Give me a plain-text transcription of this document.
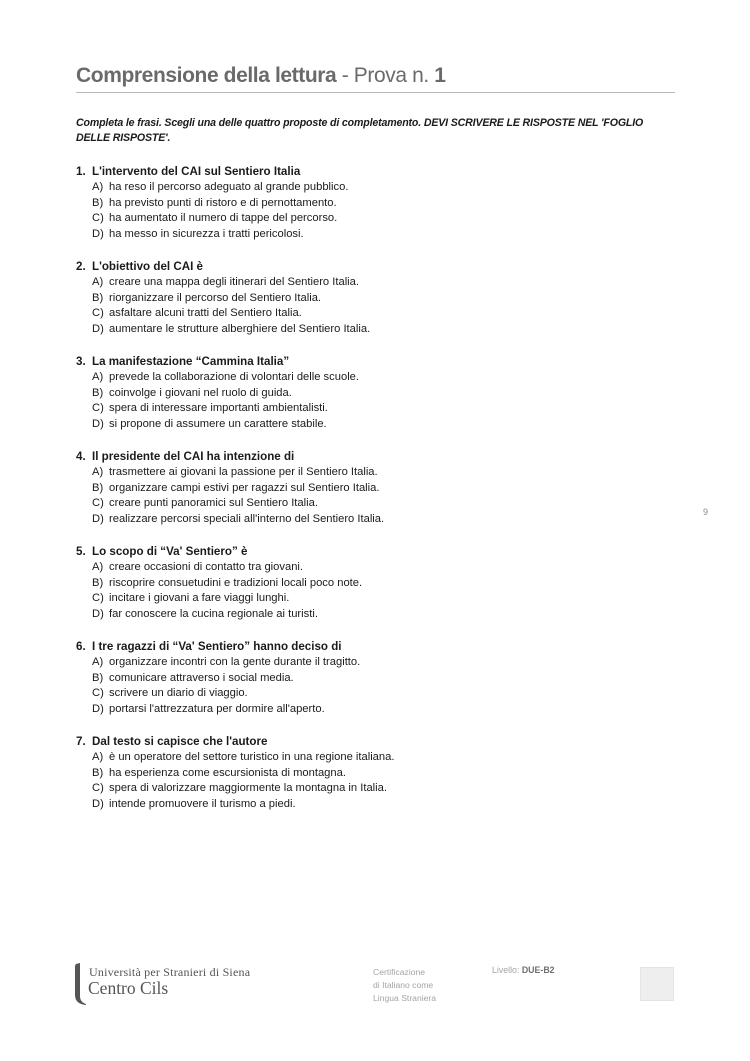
Comprensione della lettura - Prova n. 1
Completa le frasi. Scegli una delle quattro proposte di completamento. DEVI SCRIVERE LE RISPOSTE NEL 'FOGLIO DELLE RISPOSTE'.
1. L'intervento del CAI sul Sentiero Italia
A) ha reso il percorso adeguato al grande pubblico.
B) ha previsto punti di ristoro e di pernottamento.
C) ha aumentato il numero di tappe del percorso.
D) ha messo in sicurezza i tratti pericolosi.
2. L'obiettivo del CAI è
A) creare una mappa degli itinerari del Sentiero Italia.
B) riorganizzare il percorso del Sentiero Italia.
C) asfaltare alcuni tratti del Sentiero Italia.
D) aumentare le strutture alberghiere del Sentiero Italia.
3. La manifestazione “Cammina Italia”
A) prevede la collaborazione di volontari delle scuole.
B) coinvolge i giovani nel ruolo di guida.
C) spera di interessare importanti ambientalisti.
D) si propone di assumere un carattere stabile.
4. Il presidente del CAI ha intenzione di
A) trasmettere ai giovani la passione per il Sentiero Italia.
B) organizzare campi estivi per ragazzi sul Sentiero Italia.
C) creare punti panoramici sul Sentiero Italia.
D) realizzare percorsi speciali all'interno del Sentiero Italia.
5. Lo scopo di “Va' Sentiero” è
A) creare occasioni di contatto tra giovani.
B) riscoprire consuetudini e tradizioni locali poco note.
C) incitare i giovani a fare viaggi lunghi.
D) far conoscere la cucina regionale ai turisti.
6. I tre ragazzi di “Va' Sentiero” hanno deciso di
A) organizzare incontri con la gente durante il tragitto.
B) comunicare attraverso i social media.
C) scrivere un diario di viaggio.
D) portarsi l'attrezzatura per dormire all'aperto.
7. Dal testo si capisce che l'autore
A) è un operatore del settore turistico in una regione italiana.
B) ha esperienza come escursionista di montagna.
C) spera di valorizzare maggiormente la montagna in Italia.
D) intende promuovere il turismo a piedi.
9
Università per Stranieri di Siena
Centro Cils
Certificazione
di Italiano come
Lingua Straniera
Livello: DUE-B2
